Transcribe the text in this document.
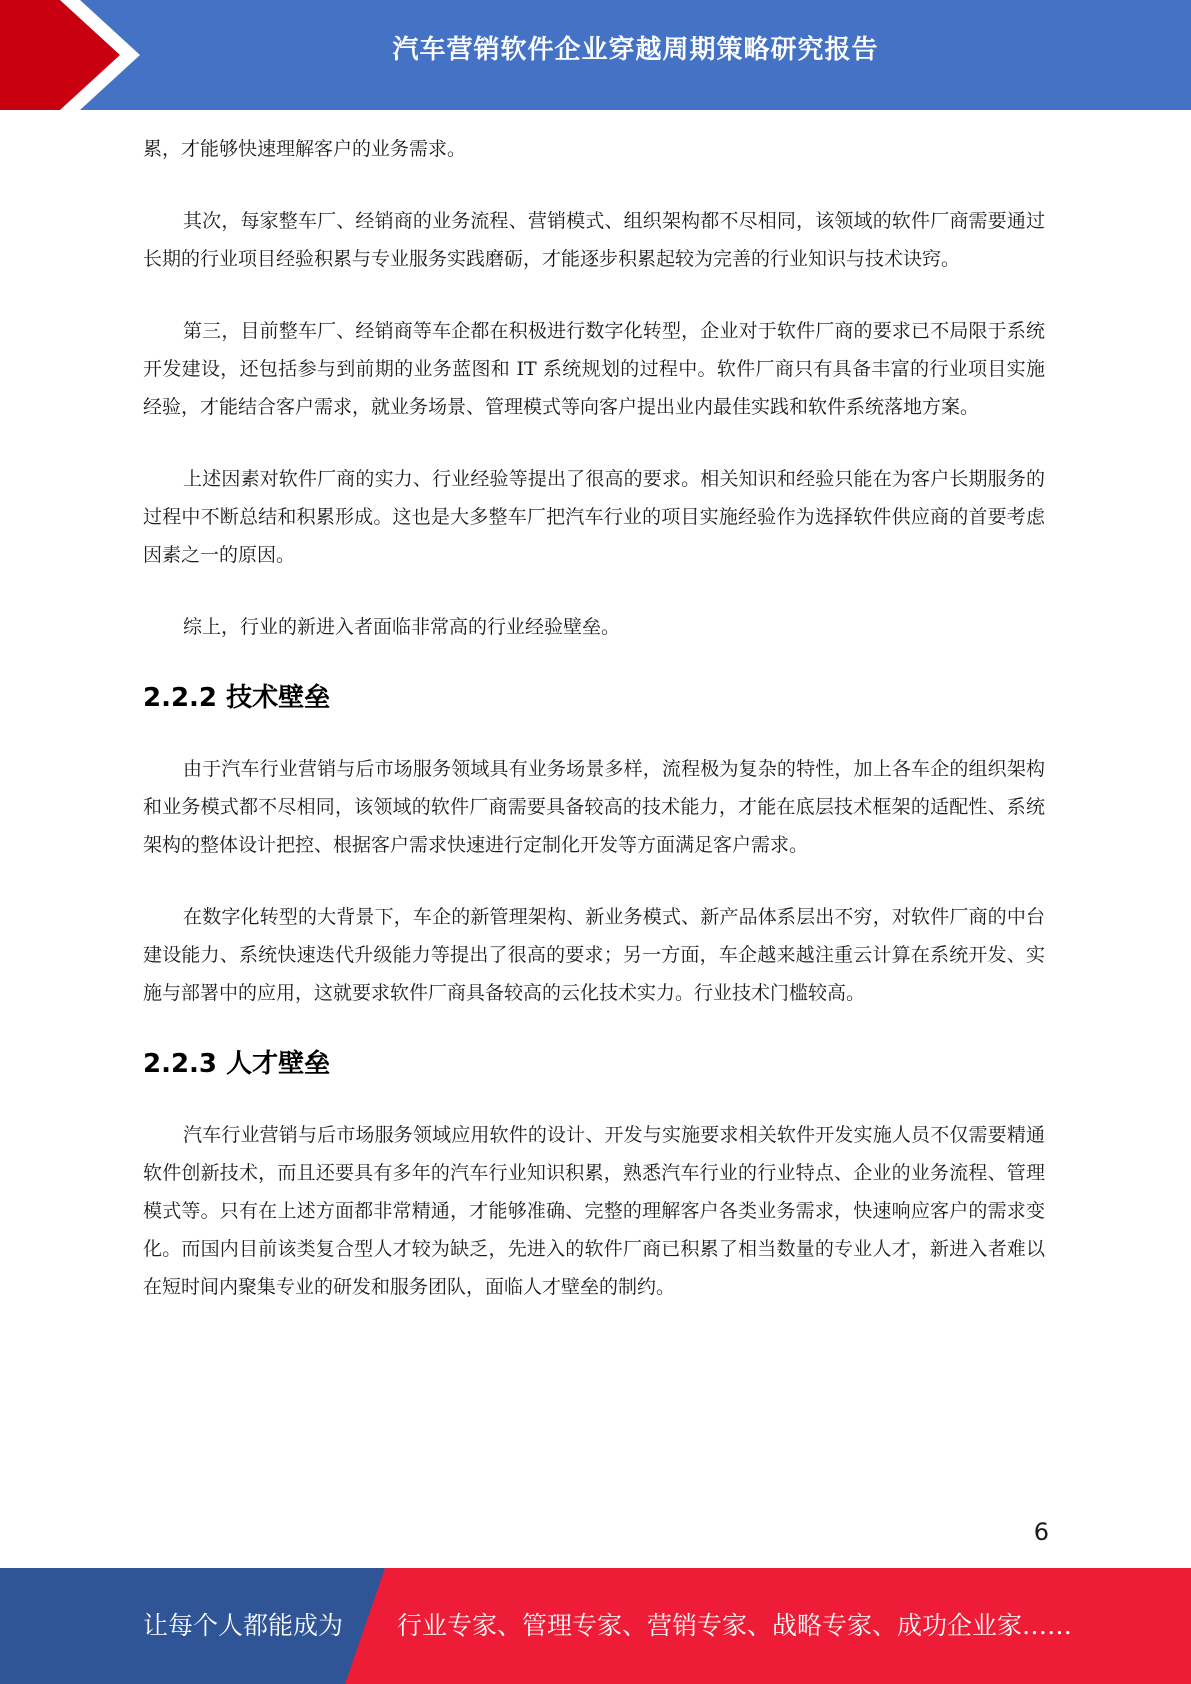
汽车营销软件企业穿越周期策略研究报告

累，才能够快速理解客户的业务需求。

其次，每家整车厂、经销商的业务流程、营销模式、组织架构都不尽相同，该领域的软件厂商需要通过长期的行业项目经验积累与专业服务实践磨砺，才能逐步积累起较为完善的行业知识与技术诀窍。

第三，目前整车厂、经销商等车企都在积极进行数字化转型，企业对于软件厂商的要求已不局限于系统开发建设，还包括参与到前期的业务蓝图和 IT 系统规划的过程中。软件厂商只有具备丰富的行业项目实施经验，才能结合客户需求，就业务场景、管理模式等向客户提出业内最佳实践和软件系统落地方案。

上述因素对软件厂商的实力、行业经验等提出了很高的要求。相关知识和经验只能在为客户长期服务的过程中不断总结和积累形成。这也是大多整车厂把汽车行业的项目实施经验作为选择软件供应商的首要考虑因素之一的原因。

综上，行业的新进入者面临非常高的行业经验壁垒。

2.2.2 技术壁垒

由于汽车行业营销与后市场服务领域具有业务场景多样，流程极为复杂的特性，加上各车企的组织架构和业务模式都不尽相同，该领域的软件厂商需要具备较高的技术能力，才能在底层技术框架的适配性、系统架构的整体设计把控、根据客户需求快速进行定制化开发等方面满足客户需求。

在数字化转型的大背景下，车企的新管理架构、新业务模式、新产品体系层出不穷，对软件厂商的中台建设能力、系统快速迭代升级能力等提出了很高的要求；另一方面，车企越来越注重云计算在系统开发、实施与部署中的应用，这就要求软件厂商具备较高的云化技术实力。行业技术门槛较高。

2.2.3 人才壁垒

汽车行业营销与后市场服务领域应用软件的设计、开发与实施要求相关软件开发实施人员不仅需要精通软件创新技术，而且还要具有多年的汽车行业知识积累，熟悉汽车行业的行业特点、企业的业务流程、管理模式等。只有在上述方面都非常精通，才能够准确、完整的理解客户各类业务需求，快速响应客户的需求变化。而国内目前该类复合型人才较为缺乏，先进入的软件厂商已积累了相当数量的专业人才，新进入者难以在短时间内聚集专业的研发和服务团队，面临人才壁垒的制约。

6
让每个人都能成为 行业专家、管理专家、营销专家、战略专家、成功企业家……
